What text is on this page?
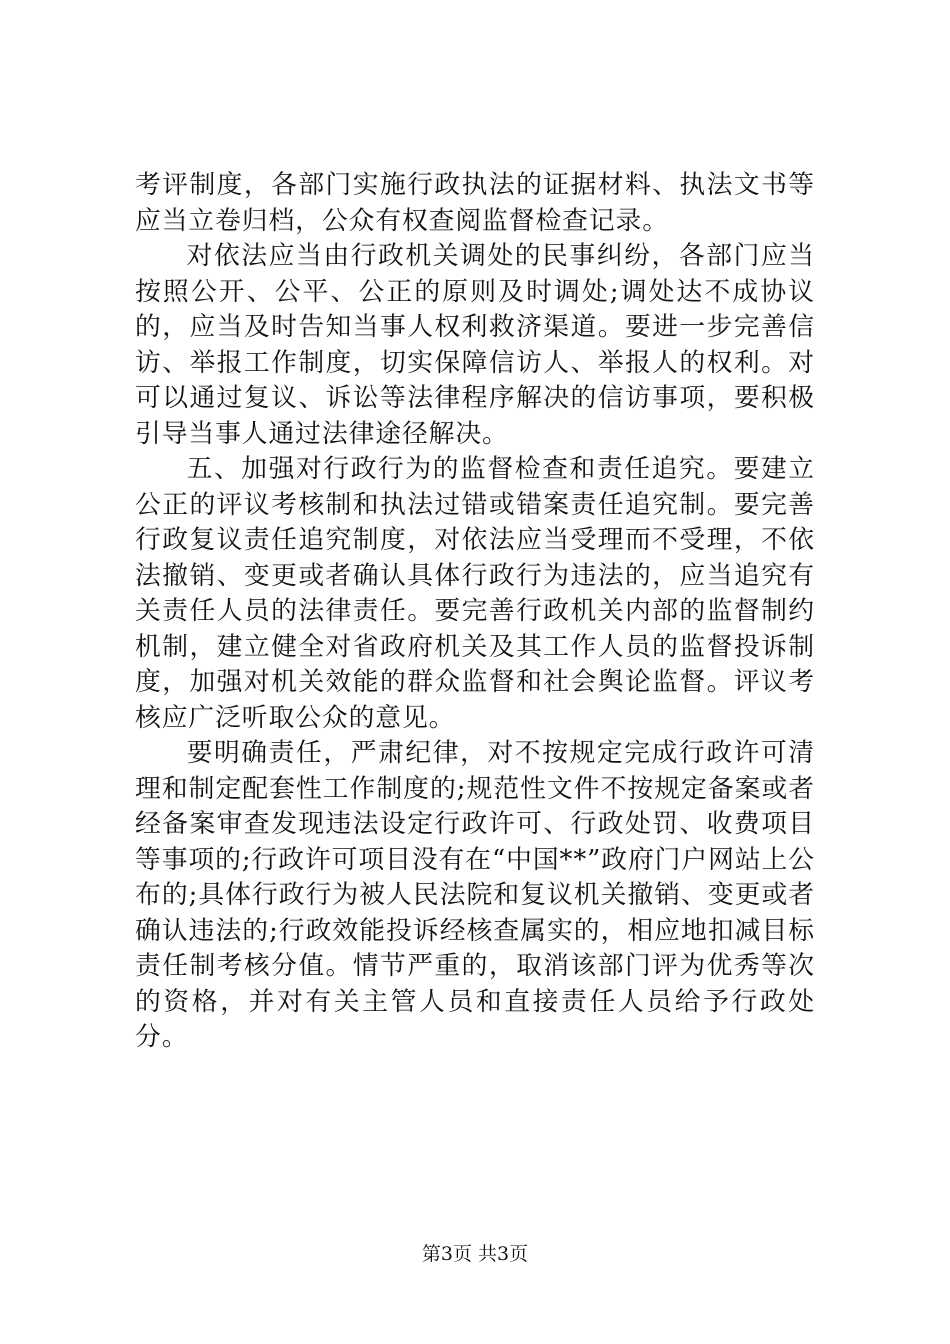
考评制度，各部门实施行政执法的证据材料、执法文书等应当立卷归档，公众有权查阅监督检查记录。

对依法应当由行政机关调处的民事纠纷，各部门应当按照公开、公平、公正的原则及时调处;调处达不成协议的，应当及时告知当事人权利救济渠道。要进一步完善信访、举报工作制度，切实保障信访人、举报人的权利。对可以通过复议、诉讼等法律程序解决的信访事项，要积极引导当事人通过法律途径解决。

五、加强对行政行为的监督检查和责任追究。要建立公正的评议考核制和执法过错或错案责任追究制。要完善行政复议责任追究制度，对依法应当受理而不受理，不依法撤销、变更或者确认具体行政行为违法的，应当追究有关责任人员的法律责任。要完善行政机关内部的监督制约机制，建立健全对省政府机关及其工作人员的监督投诉制度，加强对机关效能的群众监督和社会舆论监督。评议考核应广泛听取公众的意见。

要明确责任，严肃纪律，对不按规定完成行政许可清理和制定配套性工作制度的;规范性文件不按规定备案或者经备案审查发现违法设定行政许可、行政处罚、收费项目等事项的;行政许可项目没有在“中国**”政府门户网站上公布的;具体行政行为被人民法院和复议机关撤销、变更或者确认违法的;行政效能投诉经核查属实的，相应地扣减目标责任制考核分值。情节严重的，取消该部门评为优秀等次的资格，并对有关主管人员和直接责任人员给予行政处分。

第3页 共3页
